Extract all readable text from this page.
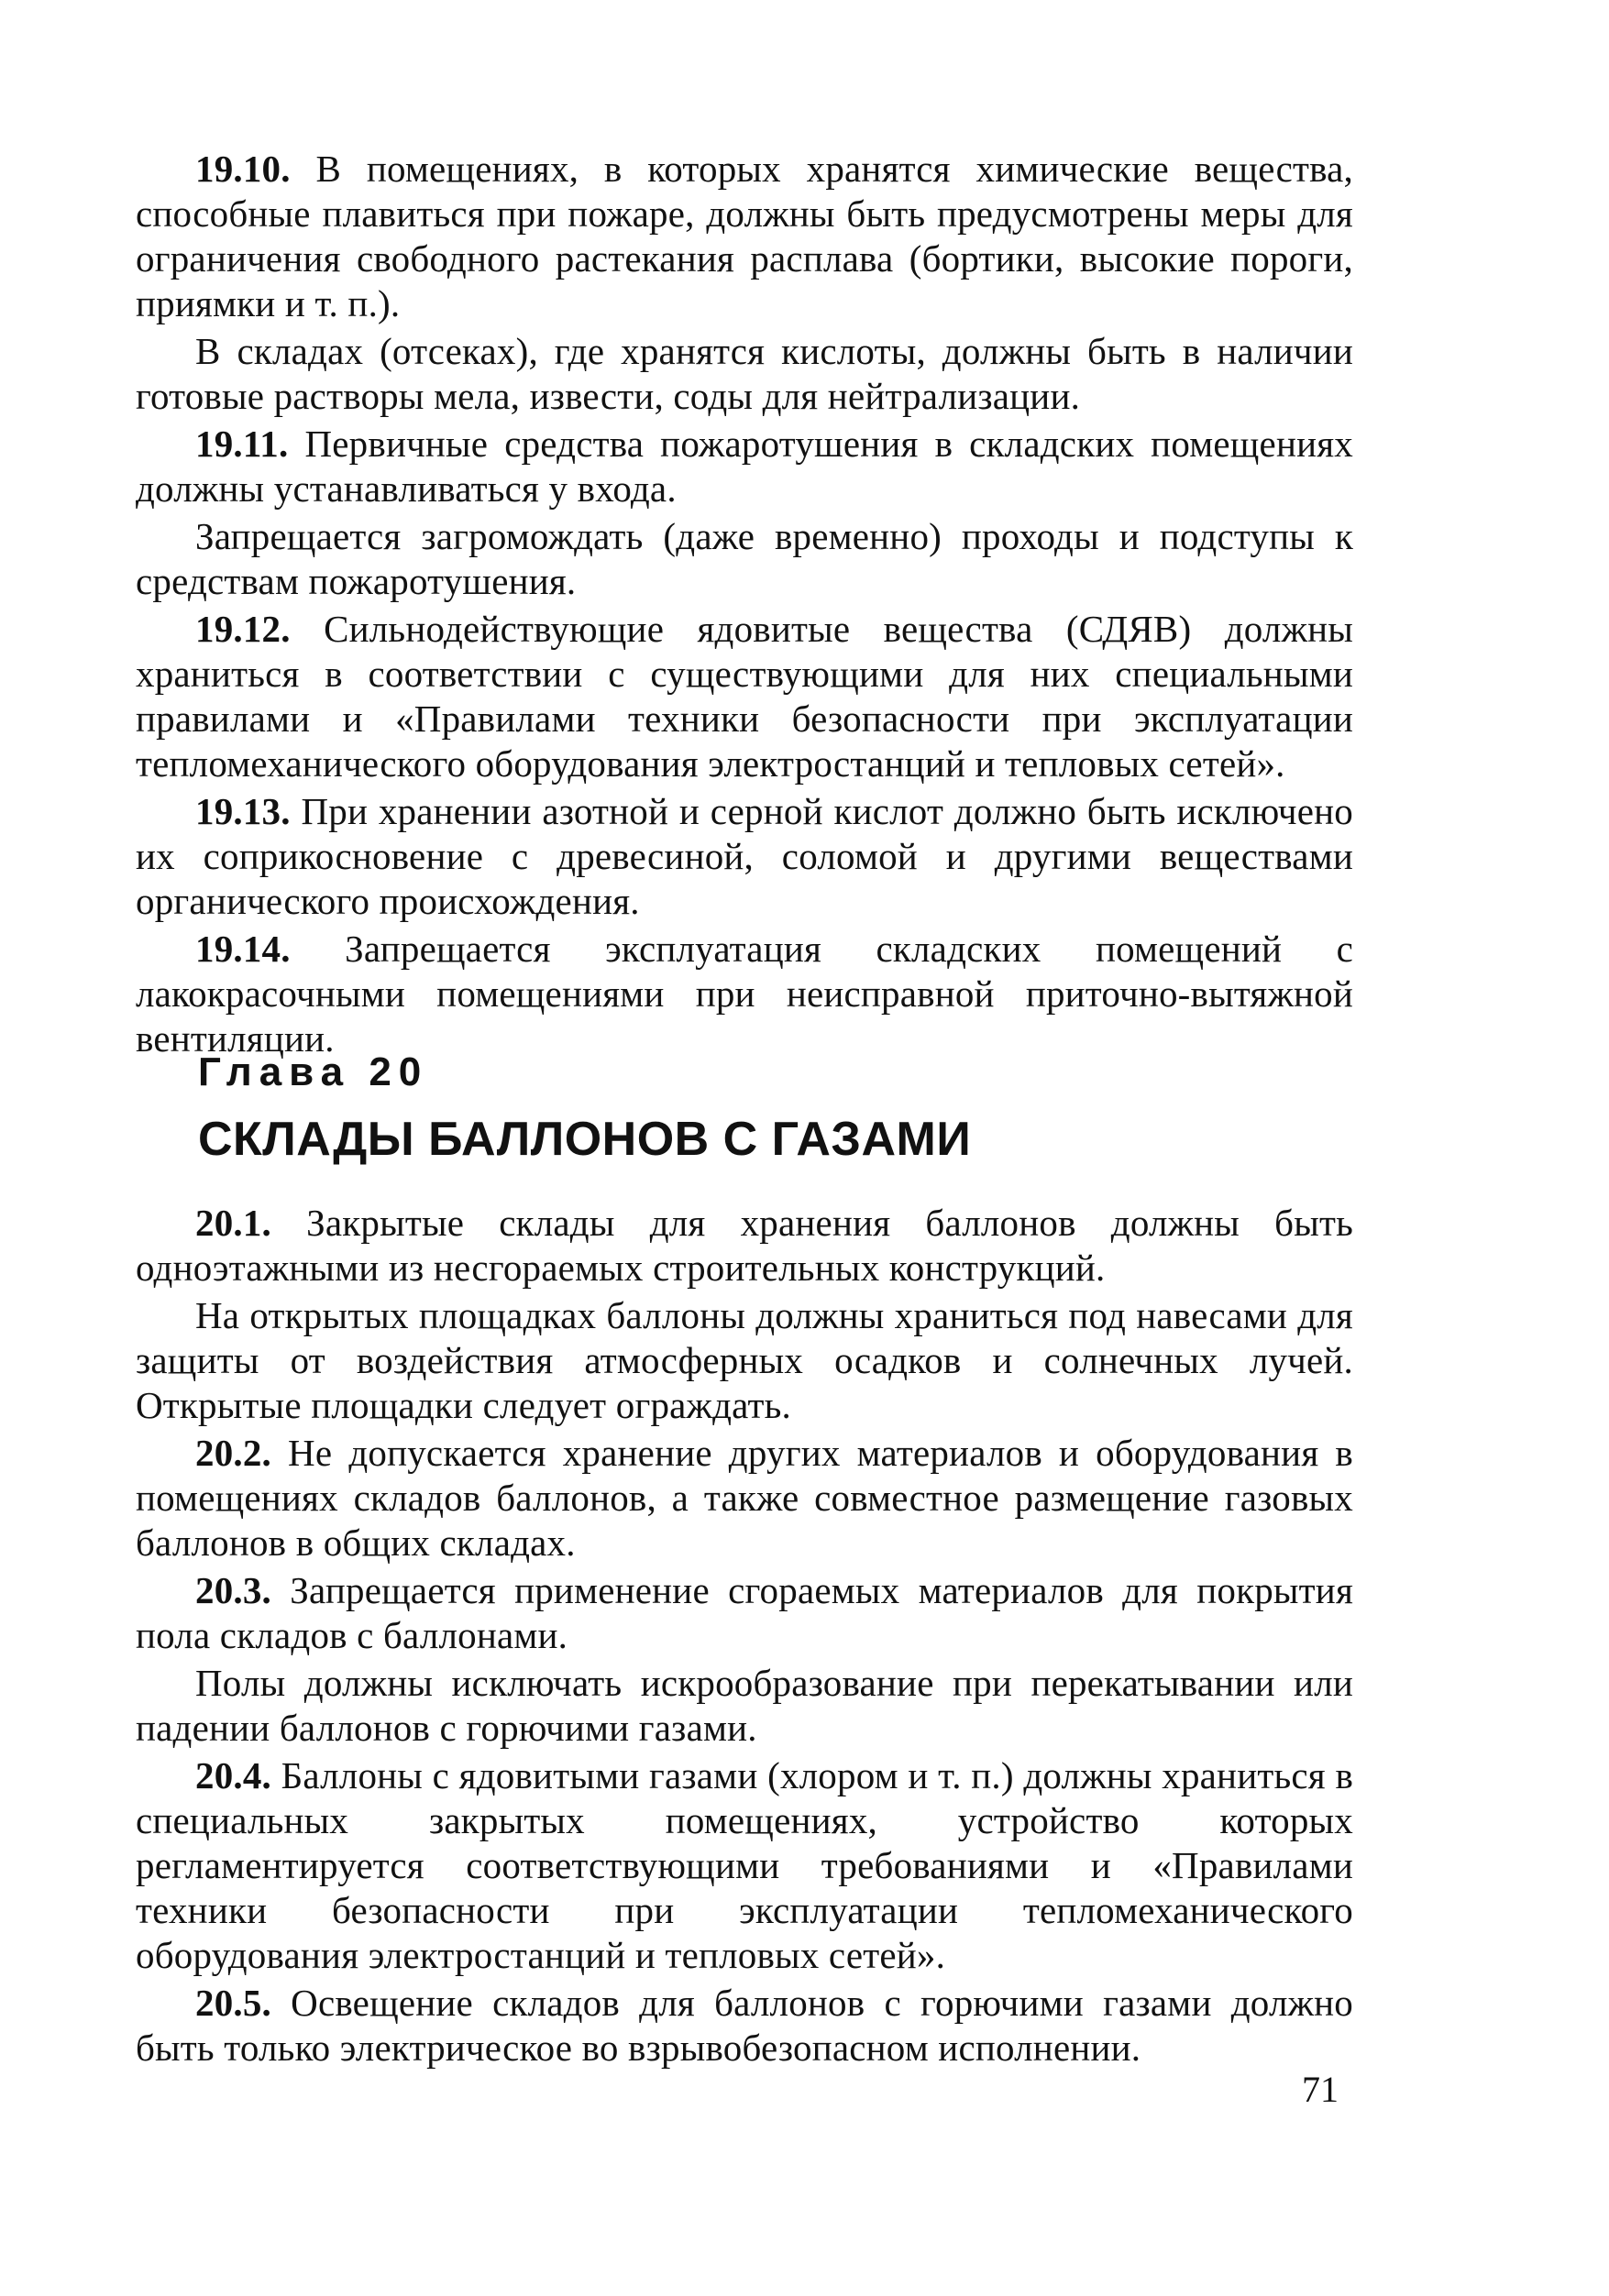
19.10. В помещениях, в которых хранятся химические вещества, способные плавиться при пожаре, должны быть предусмотрены меры для ограничения свободного растекания расплава (бортики, высокие пороги, приямки и т. п.).

В складах (отсеках), где хранятся кислоты, должны быть в наличии готовые растворы мела, извести, соды для нейтрализации.

19.11. Первичные средства пожаротушения в складских помещениях должны устанавливаться у входа.

Запрещается загромождать (даже временно) проходы и подступы к средствам пожаротушения.

19.12. Сильнодействующие ядовитые вещества (СДЯВ) должны храниться в соответствии с существующими для них специальными правилами и «Правилами техники безопасности при эксплуатации тепломеханического оборудования электростанций и тепловых сетей».

19.13. При хранении азотной и серной кислот должно быть исключено их соприкосновение с древесиной, соломой и другими веществами органического происхождения.

19.14. Запрещается эксплуатация складских помещений с лакокрасочными помещениями при неисправной приточно-вытяжной вентиляции.

Глава 20

СКЛАДЫ БАЛЛОНОВ С ГАЗАМИ

20.1. Закрытые склады для хранения баллонов должны быть одноэтажными из несгораемых строительных конструкций.

На открытых площадках баллоны должны храниться под навесами для защиты от воздействия атмосферных осадков и солнечных лучей. Открытые площадки следует ограждать.

20.2. Не допускается хранение других материалов и оборудования в помещениях складов баллонов, а также совместное размещение газовых баллонов в общих складах.

20.3. Запрещается применение сгораемых материалов для покрытия пола складов с баллонами.

Полы должны исключать искрообразование при перекатывании или падении баллонов с горючими газами.

20.4. Баллоны с ядовитыми газами (хлором и т. п.) должны храниться в специальных закрытых помещениях, устройство которых регламентируется соответствующими требованиями и «Правилами техники безопасности при эксплуатации тепломеханического оборудования электростанций и тепловых сетей».

20.5. Освещение складов для баллонов с горючими газами должно быть только электрическое во взрывобезопасном исполнении.

71
